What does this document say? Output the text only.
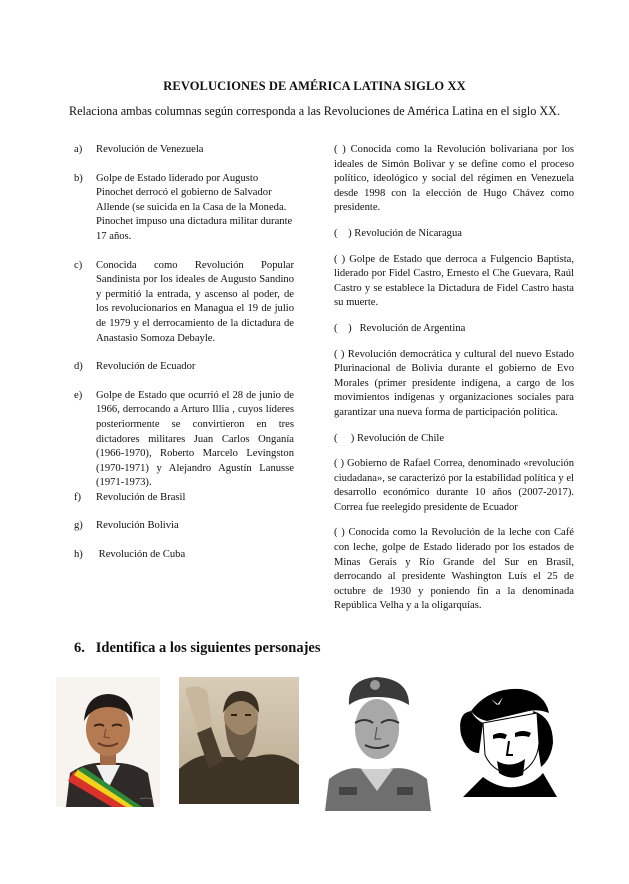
REVOLUCIONES DE AMÉRICA LATINA SIGLO XX
Relaciona ambas columnas según corresponda a las Revoluciones de América Latina en el siglo XX.
a) Revolución de Venezuela
b) Golpe de Estado liderado por Augusto Pinochet derrocó el gobierno de Salvador Allende (se suicida en la Casa de la Moneda. Pinochet impuso una dictadura militar durante 17 años.
c) Conocida como Revolución Popular Sandinista por los ideales de Augusto Sandino y permitió la entrada, y ascenso al poder, de los revolucionarios en Managua el 19 de julio de 1979 y el derrocamiento de la dictadura de Anastasio Somoza Debayle.
d) Revolución de Ecuador
e) Golpe de Estado que ocurrió el 28 de junio de 1966, derrocando a Arturo Illia , cuyos líderes posteriormente se convirtieron en tres dictadores militares Juan Carlos Onganía (1966-1970), Roberto Marcelo Levingston (1970-1971) y Alejandro Agustín Lanusse (1971-1973).
f) Revolución de Brasil
g) Revolución Bolivia
h) Revolución de Cuba
( ) Conocida como la Revolución bolivariana por los ideales de Simón Bolivar y se define como el proceso político, ideológico y social del régimen en Venezuela desde 1998 con la elección de Hugo Chávez como presidente.
(    ) Revolución de Nicaragua
( ) Golpe de Estado que derroca a Fulgencio Baptista, liderado por Fidel Castro, Ernesto el Che Guevara, Raúl Castro y se establece la Dictadura de Fidel Castro hasta su muerte.
(    )   Revolución de Argentina
( ) Revolución democrática y cultural del nuevo Estado Plurinacional de Bolivia durante el gobierno de Evo Morales (primer presidente indígena, a cargo de los movimientos indígenas y organizaciones sociales para garantizar una nueva forma de participación política.
(     ) Revolución de Chile
( ) Gobierno de Rafael Correa, denominado «revolución ciudadana», se caracterizó por la estabilidad política y el desarrollo económico durante 10 años (2007-2017). Correa fue reelegido presidente de Ecuador
( ) Conocida como la Revolución de la leche con Café con leche, golpe de Estado liderado por los estados de Minas Gerais y Río Grande del Sur en Brasil, derrocando al presidente Washington Luís el 25 de octubre de 1930 y poniendo fin a la denominada República Velha y a la oligarquías.
6.   Identifica a los siguientes personajes
